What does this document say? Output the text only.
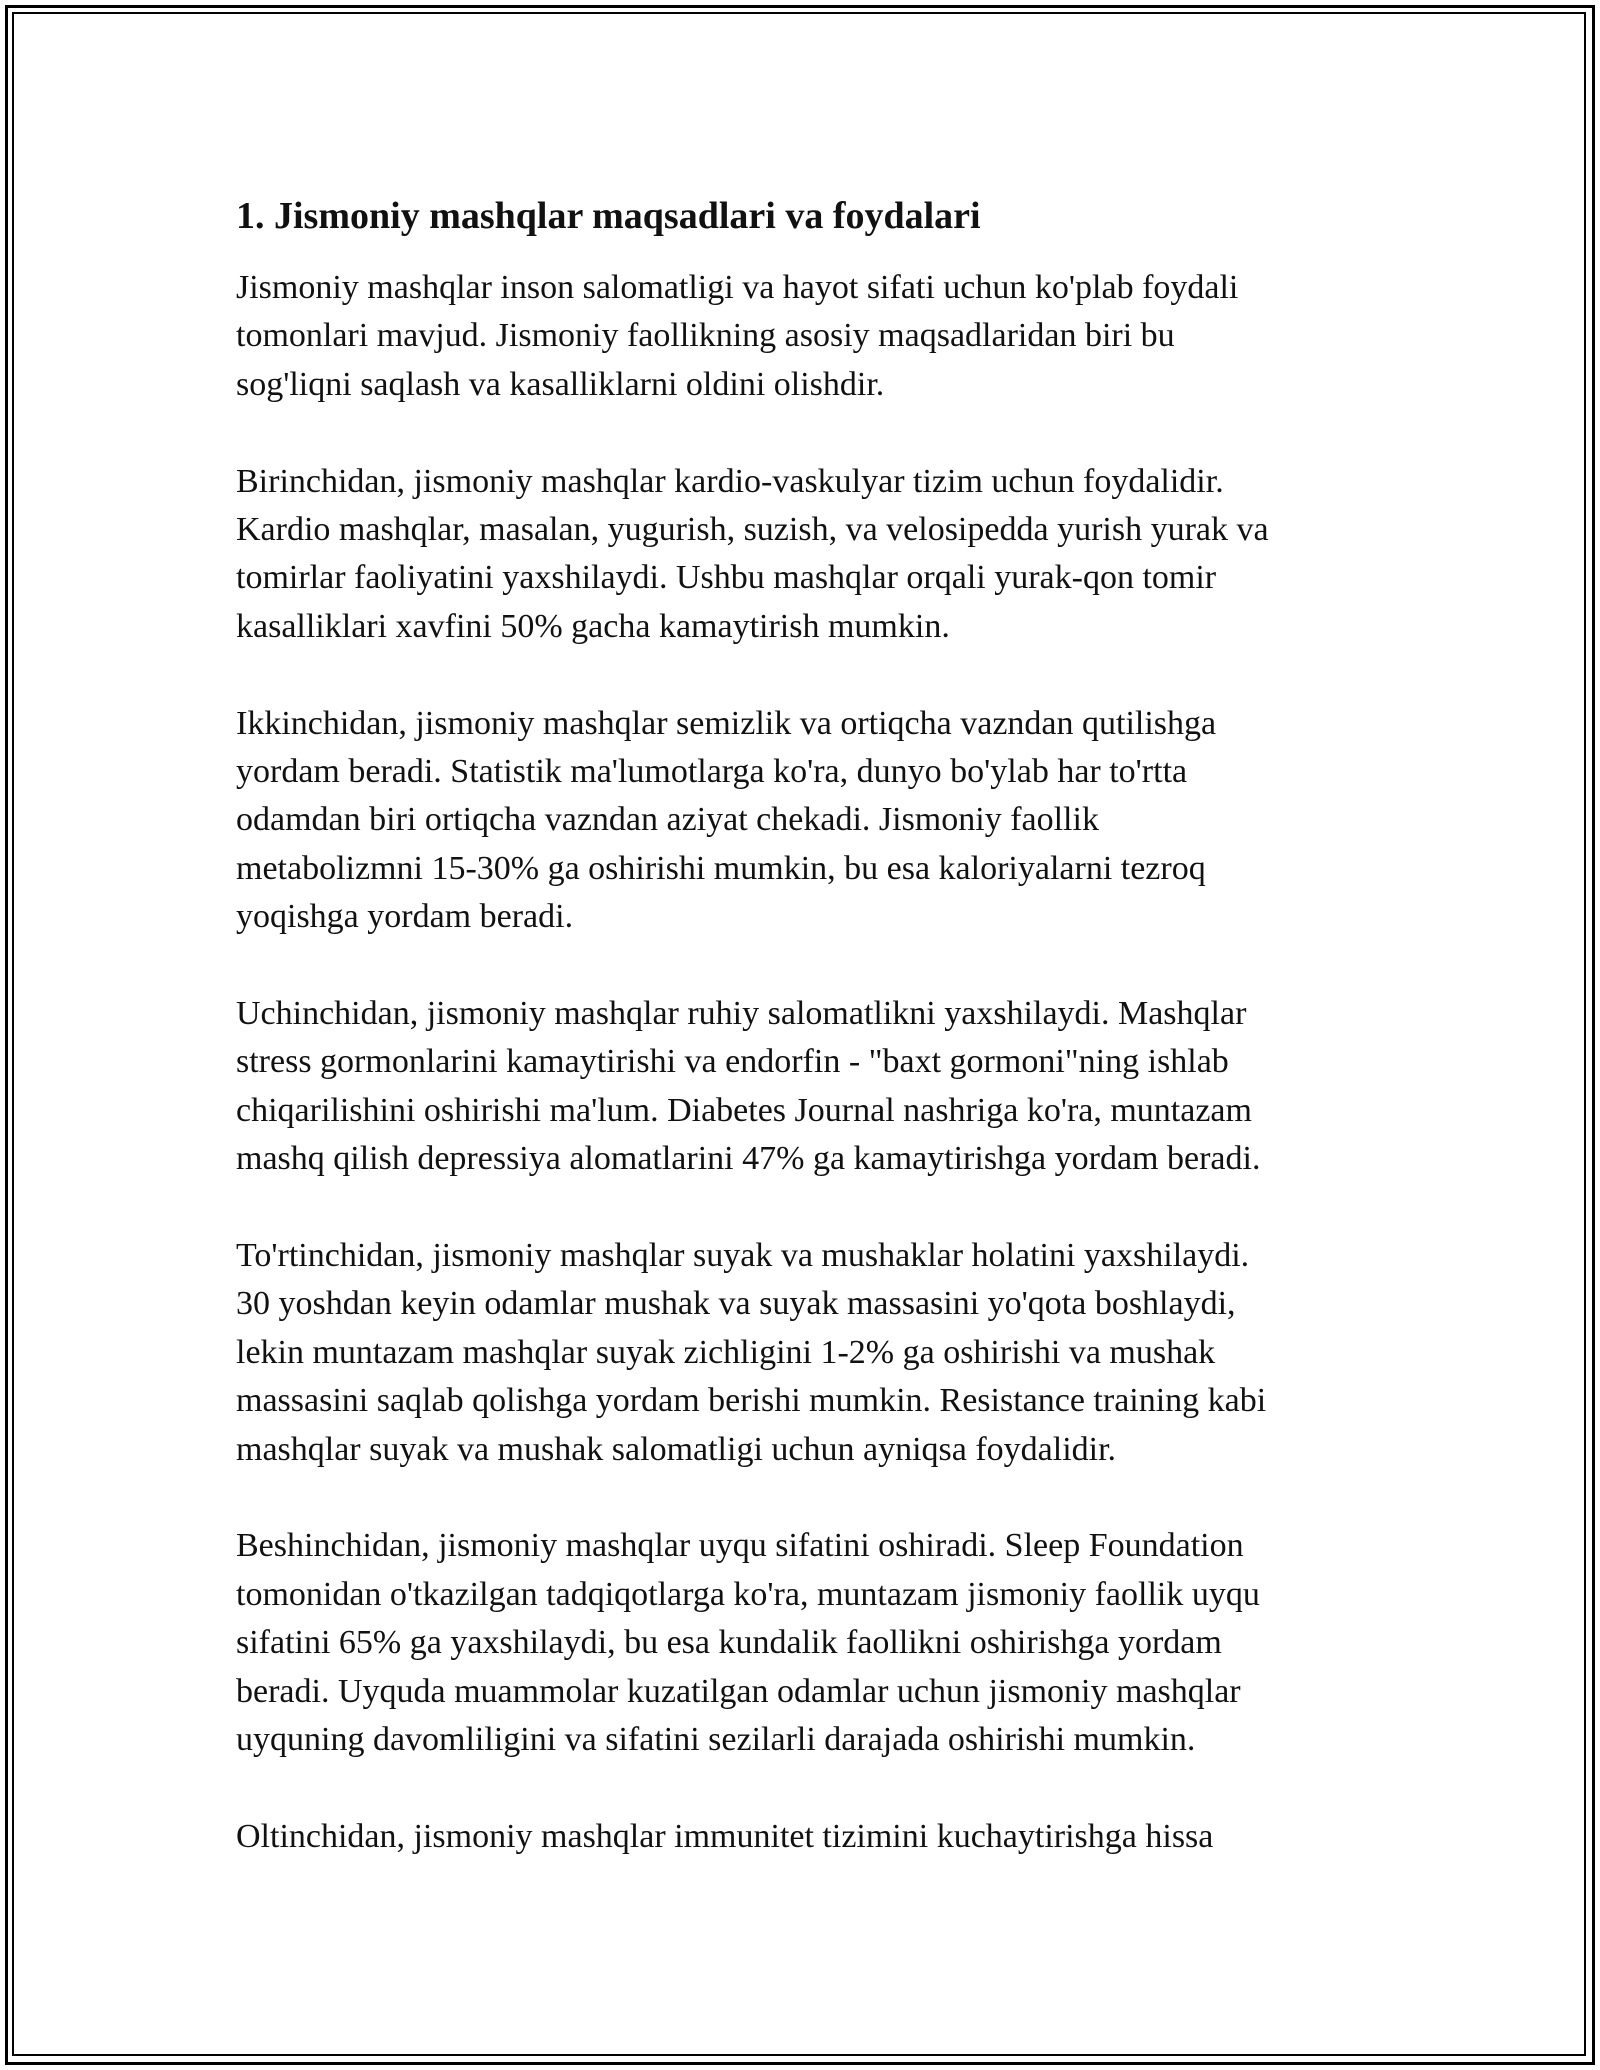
1. Jismoniy mashqlar maqsadlari va foydalari

Jismoniy mashqlar inson salomatligi va hayot sifati uchun ko'plab foydali
tomonlari mavjud. Jismoniy faollikning asosiy maqsadlaridan biri bu
sog'liqni saqlash va kasalliklarni oldini olishdir.

Birinchidan, jismoniy mashqlar kardio-vaskulyar tizim uchun foydalidir.
Kardio mashqlar, masalan, yugurish, suzish, va velosipedda yurish yurak va
tomirlar faoliyatini yaxshilaydi. Ushbu mashqlar orqali yurak-qon tomir
kasalliklari xavfini 50% gacha kamaytirish mumkin.

Ikkinchidan, jismoniy mashqlar semizlik va ortiqcha vazndan qutilishga
yordam beradi. Statistik ma'lumotlarga ko'ra, dunyo bo'ylab har to'rtta
odamdan biri ortiqcha vazndan aziyat chekadi. Jismoniy faollik
metabolizmni 15-30% ga oshirishi mumkin, bu esa kaloriyalarni tezroq
yoqishga yordam beradi.

Uchinchidan, jismoniy mashqlar ruhiy salomatlikni yaxshilaydi. Mashqlar
stress gormonlarini kamaytirishi va endorfin - "baxt gormoni"ning ishlab
chiqarilishini oshirishi ma'lum. Diabetes Journal nashriga ko'ra, muntazam
mashq qilish depressiya alomatlarini 47% ga kamaytirishga yordam beradi.

To'rtinchidan, jismoniy mashqlar suyak va mushaklar holatini yaxshilaydi.
30 yoshdan keyin odamlar mushak va suyak massasini yo'qota boshlaydi,
lekin muntazam mashqlar suyak zichligini 1-2% ga oshirishi va mushak
massasini saqlab qolishga yordam berishi mumkin. Resistance training kabi
mashqlar suyak va mushak salomatligi uchun ayniqsa foydalidir.

Beshinchidan, jismoniy mashqlar uyqu sifatini oshiradi. Sleep Foundation
tomonidan o'tkazilgan tadqiqotlarga ko'ra, muntazam jismoniy faollik uyqu
sifatini 65% ga yaxshilaydi, bu esa kundalik faollikni oshirishga yordam
beradi. Uyquda muammolar kuzatilgan odamlar uchun jismoniy mashqlar
uyquning davomliligini va sifatini sezilarli darajada oshirishi mumkin.

Oltinchidan, jismoniy mashqlar immunitet tizimini kuchaytirishga hissa
